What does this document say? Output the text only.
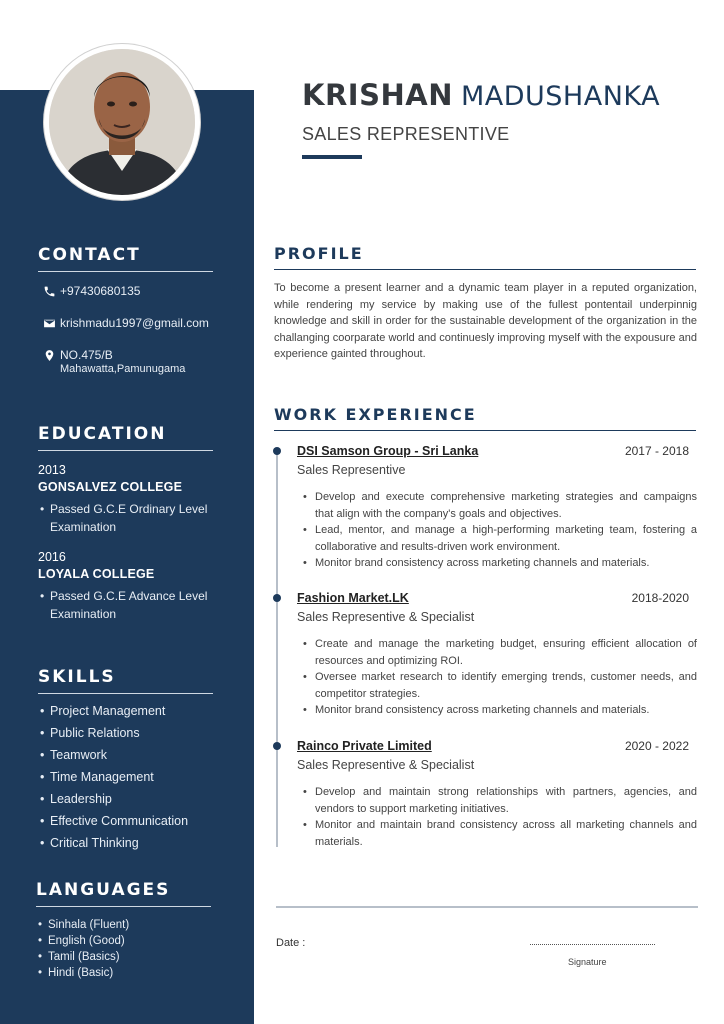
CONTACT
+97430680135
krishmadu1997@gmail.com
NO.475/B
Mahawatta,Pamunugama
EDUCATION
2013
GONSALVEZ COLLEGE
• Passed G.C.E Ordinary Level Examination
2016
LOYALA COLLEGE
• Passed G.C.E Advance Level Examination
SKILLS
• Project Management
• Public Relations
• Teamwork
• Time Management
• Leadership
• Effective Communication
• Critical Thinking
LANGUAGES
• Sinhala (Fluent)
• English (Good)
• Tamil (Basics)
• Hindi (Basic)
KRISHAN MADUSHANKA
SALES REPRESENTIVE
PROFILE
To become a present learner and a dynamic team player in a reputed organization, while rendering my service by making use of the fullest pontentail underpinnig knowledge and skill in order for the sustainable development of the organization in the challanging coorparate world and continuesly improving myself with the expousure and experience gainted throughout.
WORK EXPERIENCE
DSI Samson Group - Sri Lanka	2017 - 2018
Sales Representive
• Develop and execute comprehensive marketing strategies and campaigns that align with the company's goals and objectives.
• Lead, mentor, and manage a high-performing marketing team, fostering a collaborative and results-driven work environment.
• Monitor brand consistency across marketing channels and materials.
Fashion Market.LK	2018-2020
Sales Representive & Specialist
• Create and manage the marketing budget, ensuring efficient allocation of resources and optimizing ROI.
• Oversee market research to identify emerging trends, customer needs, and competitor strategies.
• Monitor brand consistency across marketing channels and materials.
Rainco Private Limited	2020 - 2022
Sales Representive & Specialist
• Develop and maintain strong relationships with partners, agencies, and vendors to support marketing initiatives.
• Monitor and maintain brand consistency across all marketing channels and materials.
Date :
Signature
